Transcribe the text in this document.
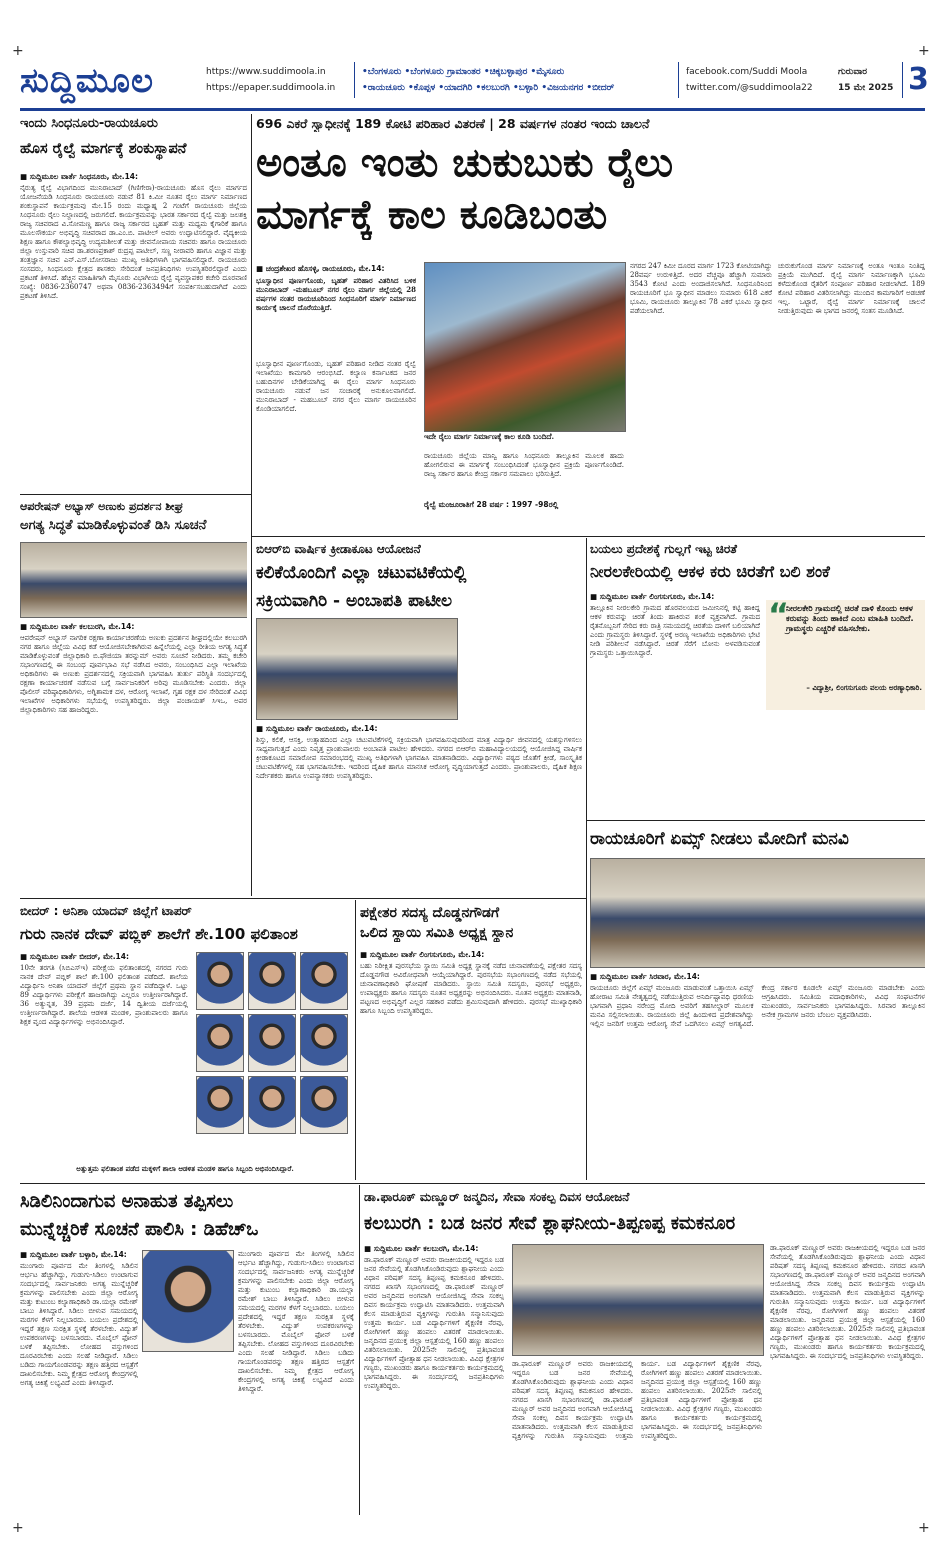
+	+
+	+
ಸುದ್ದಿಮೂಲ	https://www.suddimoola.in
https://epaper.suddimoola.in
•ಬೆಂಗಳೂರು •ಬೆಂಗಳೂರು ಗ್ರಾಮಾಂತರ •ಚಿಕ್ಕಬಳ್ಳಾಪುರ •ಮೈಸೂರು
•ರಾಯಚೂರು •ಕೊಪ್ಪಳ •ಯಾದಗಿರಿ •ಕಲಬುರಗಿ •ಬಳ್ಳಾರಿ •ವಿಜಯನಗರ •ಬೀದರ್
facebook.com/Suddi Moola
twitter.com/@suddimoola22
ಗುರುವಾರ
15 ಮೇ 2025 3
ಇಂದು ಸಿಂಧನೂರು-ರಾಯಚೂರು
ಹೊಸ ರೈಲ್ವೆ ಮಾರ್ಗಕ್ಕೆ ಶಂಕುಸ್ಥಾಪನೆ
■ ಸುದ್ದಿಮೂಲ ವಾರ್ತೆ ಸಿಂಧನೂರು, ಮೇ.14:
ನೈರುತ್ಯ ರೈಲ್ವೆ ವಿಭಾಗದಿಂದ ಮುನಿರಾಬಾದ್ (ಗಿಣಿಗೇರಾ)-ರಾಯಚೂರು ಹೊಸ ರೈಲು ಮಾರ್ಗದ ಯೋಜನೆಯಡಿ ಸಿಂಧನೂರು ರಾಯಚೂರು ನಡುವೆ 81 ಕಿ.ಮೀ ನೂತನ ರೈಲು ಮಾರ್ಗ ನಿರ್ಮಾಣದ ಶಂಕುಸ್ಥಾಪನೆ ಕಾರ್ಯಕ್ರಮವು ಮೇ.15 ರಂದು ಮಧ್ಯಾಹ್ನ 2 ಗಂಟೆಗೆ ರಾಯಚೂರು ಜಿಲ್ಲೆಯ ಸಿಂಧನೂರು ರೈಲು ನಿಲ್ದಾಣದಲ್ಲಿ ಜರುಗಲಿದೆ. ಕಾರ್ಯಕ್ರಮವನ್ನು ಭಾರತ ಸರ್ಕಾರದ ರೈಲ್ವೆ ಮತ್ತು ಜಲಶಕ್ತಿ ರಾಜ್ಯ ಸಚಿವರಾದ ವಿ.ಸೋಮಣ್ಣ ಹಾಗೂ ರಾಜ್ಯ ಸರ್ಕಾರದ ಬೃಹತ್ ಮತ್ತು ಮಧ್ಯಮ ಕೈಗಾರಿಕೆ ಹಾಗೂ ಮೂಲಸೌಕರ್ಯ ಅಭಿವೃದ್ಧಿ ಸಚಿವರಾದ ಡಾ.ಎಂ.ಬಿ. ಪಾಟೀಲ್ ಅವರು ಉದ್ಘಾಟಿಸಲಿದ್ದಾರೆ. ವೈದ್ಯಕೀಯ ಶಿಕ್ಷಣ ಹಾಗೂ ಕೌಶಲ್ಯಾಭಿವೃದ್ಧಿ ಉದ್ಯಮಶೀಲತೆ ಮತ್ತು ಜೀವನೋಪಾಯ ಸಚಿವರು ಹಾಗೂ ರಾಯಚೂರು ಜಿಲ್ಲಾ ಉಸ್ತುವಾರಿ ಸಚಿವ ಡಾ.ಶರಣಪ್ರಕಾಶ್ ರುದ್ರಪ್ಪ ಪಾಟೀಲ್, ಸಣ್ಣ ನೀರಾವರಿ ಹಾಗೂ ವಿಜ್ಞಾನ ಮತ್ತು ತಂತ್ರಜ್ಞಾನ ಸಚಿವ ಎನ್.ಎಸ್.ಬೋಸರಾಜು ಮುಖ್ಯ ಅತಿಥಿಗಳಾಗಿ ಭಾಗವಹಿಸಲಿದ್ದಾರೆ. ರಾಯಚೂರು ಸಂಸದರು, ಸಿಂಧನೂರು ಕ್ಷೇತ್ರದ ಶಾಸಕರು ಸೇರಿದಂತೆ ಜನಪ್ರತಿನಿಧಿಗಳು ಉಪಸ್ಥಿತರಿರಲಿದ್ದಾರೆ ಎಂದು ಪ್ರಕಟಣೆ ತಿಳಿಸಿದೆ. ಹೆಚ್ಚಿನ ಮಾಹಿತಿಗಾಗಿ ಮೈಸೂರು ವಿಭಾಗೀಯ ರೈಲ್ವೆ ವ್ಯವಸ್ಥಾಪಕರ ಕಚೇರಿ ದೂರವಾಣಿ ಸಂಖ್ಯೆ: 0836-2360747 ಅಥವಾ 0836-2363494ಗೆ ಸಂಪರ್ಕಿಸಬಹುದಾಗಿದೆ ಎಂದು ಪ್ರಕಟಣೆ ತಿಳಿಸಿದೆ.
696 ಎಕರೆ ಸ್ವಾಧೀನಕ್ಕೆ 189 ಕೋಟಿ ಪರಿಹಾರ ವಿತರಣೆ | 28 ವರ್ಷಗಳ ನಂತರ ಇಂದು ಚಾಲನೆ
ಅಂತೂ ಇಂತು ಚುಕುಬುಕು ರೈಲು
ಮಾರ್ಗಕ್ಕೆ ಕಾಲ ಕೂಡಿಬಂತು
■ ಚಂದ್ರಶೇಖರ ಹೊಸಳ್ಳಿ, ರಾಯಚೂರು, ಮೇ.14:
ಭೂಸ್ವಾಧೀನ ಪೂರ್ಣಗೊಂಡು, ಬೃಹತ್ ಪರಿಹಾರ ವಿತರಿಸಿದ ಬಳಿಕ ಮುನಿರಾಬಾದ್ -ಮಹಬೂಬ್ ನಗರ ರೈಲು ಮಾರ್ಗ ಜಿಲ್ಲೆಯಲ್ಲಿ 28 ವರ್ಷಗಳ ನಂತರ ರಾಯಚೂರಿನಿಂದ ಸಿಂಧನೂರಿಗೆ ಮಾರ್ಗ ನಿರ್ಮಾಣದ ಕಾರ್ಯಕ್ಕೆ ಚಾಲನೆ ದೊರೆಯುತ್ತಿದೆ.
ಭೂಸ್ವಾಧೀನ ಪೂರ್ಣಗೊಂಡು, ಬೃಹತ್ ಪರಿಹಾರ ನೀಡಿದ ನಂತರ ರೈಲ್ವೆ ಇಲಾಖೆಯು ಕಾಮಗಾರಿ ಆರಂಭಿಸಿದೆ. ಕಲ್ಯಾಣ ಕರ್ನಾಟಕದ ಜನರ ಬಹುದಿನಗಳ ಬೇಡಿಕೆಯಾಗಿದ್ದ ಈ ರೈಲು ಮಾರ್ಗ ಸಿಂಧನೂರು ರಾಯಚೂರು ನಡುವೆ ಜನ ಸಂಚಾರಕ್ಕೆ ಅನುಕೂಲವಾಗಲಿದೆ. ಮುನಿರಾಬಾದ್ - ಮಹಬೂಬ್ ನಗರ ರೈಲು ಮಾರ್ಗ ರಾಯಚೂರಿನ ಕೊಂಡಿಯಾಗಲಿದೆ.
ಇದೇ ರೈಲು ಮಾರ್ಗ ನಿರ್ಮಾಣಕ್ಕೆ ಕಾಲ ಕೂಡಿ ಬಂದಿದೆ.
ರಾಯಚೂರು ಜಿಲ್ಲೆಯ ಮಾನ್ವಿ ಹಾಗೂ ಸಿಂಧನೂರು ತಾಲ್ಲೂಕಿನ ಮೂಲಕ ಹಾದು ಹೋಗಲಿರುವ ಈ ಮಾರ್ಗಕ್ಕೆ ಸಂಬಂಧಿಸಿದಂತೆ ಭೂಸ್ವಾಧೀನ ಪ್ರಕ್ರಿಯೆ ಪೂರ್ಣಗೊಂಡಿದೆ. ರಾಜ್ಯ ಸರ್ಕಾರ ಹಾಗೂ ಕೇಂದ್ರ ಸರ್ಕಾರ ಸಮಪಾಲು ಭರಿಸುತ್ತಿದೆ.
ರೈಲ್ವೆ ಮಂಜೂರಾತಿಗೆ 28 ವರ್ಷ : 1997 -98ರಲ್ಲಿ
ನಗರದ 247 ಕಿಮೀ ದೂರದ ಮಾರ್ಗ 1723 ಕೋಟಿಯಾಗಿದ್ದು 28ವರ್ಷ ಉರುಳಿತ್ತಿದೆ. ಅದರ ವೆಚ್ಚವೂ ಹೆಚ್ಚಾಗಿ ಸುಮಾರು 3543 ಕೋಟಿ ಎಂದು ಅಂದಾಜಿಸಲಾಗಿದೆ. ಸಿಂಧನೂರಿನಿಂದ ರಾಯಚೂರಿಗೆ ಭೂ ಸ್ವಾಧೀನ ಮಾಡಲು ಸುಮಾರು 618 ಎಕರೆ ಭೂಮಿ, ರಾಯಚೂರು ತಾಲ್ಲೂಕಿನ 78 ಎಕರೆ ಭೂಮಿ ಸ್ವಾಧೀನ ಪಡೆಯಲಾಗಿದೆ.
ಚುರುಕುಗೊಂಡ ಮಾರ್ಗ ನಿರ್ಮಾಣಕ್ಕೆ ಅಂತೂ ಇಂತೂ ನಿಂತಿದ್ದ ಪ್ರಕ್ರಿಯೆ ಮುಗಿದಿದೆ. ರೈಲ್ವೆ ಮಾರ್ಗ ನಿರ್ಮಾಣಕ್ಕಾಗಿ ಭೂಮಿ ಕಳೆದುಕೊಂಡ ರೈತರಿಗೆ ಸಂಪೂರ್ಣ ಪರಿಹಾರ ನೀಡಲಾಗಿದೆ. 189 ಕೋಟಿ ಪರಿಹಾರ ವಿತರಿಸಲಾಗಿದ್ದು ಮುಂದಿನ ಕಾಮಗಾರಿಗೆ ಅಡಚಣೆ ಇಲ್ಲ. ಒಟ್ಟಾರೆ, ರೈಲ್ವೆ ಮಾರ್ಗ ನಿರ್ಮಾಣಕ್ಕೆ ಚಾಲನೆ ನೀಡುತ್ತಿರುವುದು ಈ ಭಾಗದ ಜನರಲ್ಲಿ ಸಂತಸ ಮೂಡಿಸಿದೆ.
ಆಪರೇಷನ್ ಅಭ್ಯಾಸ್ ಅಣುಕು ಪ್ರದರ್ಶನ ಶೀಘ್ರ
ಅಗತ್ಯ ಸಿದ್ಧತೆ ಮಾಡಿಕೊಳ್ಳುವಂತೆ ಡಿಸಿ ಸೂಚನೆ
■ ಸುದ್ದಿಮೂಲ ವಾರ್ತೆ ಕಲಬುರಗಿ, ಮೇ.14:
ಆಪರೇಷನ್ ಅಭ್ಯಾಸ್ ನಾಗರಿಕ ರಕ್ಷಣಾ ಕಾರ್ಯಾಚರಣೆಯ ಅಣುಕು ಪ್ರದರ್ಶನ ಶೀಘ್ರದಲ್ಲಿಯೇ ಕಲಬುರಗಿ ನಗರ ಹಾಗೂ ಜಿಲ್ಲೆಯ ವಿವಿಧ ಕಡೆ ಆಯೋಜಿಸಬೇಕಾಗಿರುವ ಹಿನ್ನೆಲೆಯಲ್ಲಿ ಎಲ್ಲಾ ರೀತಿಯ ಅಗತ್ಯ ಸಿದ್ಧತೆ ಮಾಡಿಕೊಳ್ಳುವಂತೆ ಜಿಲ್ಲಾಧಿಕಾರಿ ಬಿ.ಫೌಜಿಯಾ ತರನ್ನುಮ್ ಅವರು ಸೂಚನೆ ನೀಡಿದರು. ತಮ್ಮ ಕಚೇರಿ ಸಭಾಂಗಣದಲ್ಲಿ ಈ ಸಂಬಂಧ ಪೂರ್ವಭಾವಿ ಸಭೆ ನಡೆಸಿದ ಅವರು, ಸಂಬಂಧಿಸಿದ ಎಲ್ಲಾ ಇಲಾಖೆಯ ಅಧಿಕಾರಿಗಳು ಈ ಅಣುಕು ಪ್ರದರ್ಶನದಲ್ಲಿ ಸಕ್ರಿಯವಾಗಿ ಭಾಗವಹಿಸಿ ತುರ್ತು ಪರಿಸ್ಥಿತಿ ಸಂದರ್ಭದಲ್ಲಿ ರಕ್ಷಣಾ ಕಾರ್ಯಾಚರಣೆ ನಡೆಸುವ ಬಗ್ಗೆ ಸಾರ್ವಜನಿಕರಿಗೆ ಅರಿವು ಮೂಡಿಸಬೇಕು ಎಂದರು. ಜಿಲ್ಲಾ ಪೊಲೀಸ್ ವರಿಷ್ಠಾಧಿಕಾರಿಗಳು, ಅಗ್ನಿಶಾಮಕ ದಳ, ಆರೋಗ್ಯ ಇಲಾಖೆ, ಗೃಹ ರಕ್ಷಕ ದಳ ಸೇರಿದಂತೆ ವಿವಿಧ ಇಲಾಖೆಗಳ ಅಧಿಕಾರಿಗಳು ಸಭೆಯಲ್ಲಿ ಉಪಸ್ಥಿತರಿದ್ದರು. ಜಿಲ್ಲಾ ಪಂಚಾಯತ್ ಸಿಇಒ, ಅಪರ ಜಿಲ್ಲಾಧಿಕಾರಿಗಳು ಸಹ ಹಾಜರಿದ್ದರು.
ಬಿಆರ್‌ಬಿ ವಾರ್ಷಿಕ ಕ್ರೀಡಾಕೂಟ ಆಯೋಜನೆ
ಕಲಿಕೆಯೊಂದಿಗೆ ಎಲ್ಲಾ ಚಟುವಟಿಕೆಯಲ್ಲಿ
ಸಕ್ರಿಯವಾಗಿರಿ - ಅಂಬಾಪತಿ ಪಾಟೀಲ
■ ಸುದ್ದಿಮೂಲ ವಾರ್ತೆ ರಾಯಚೂರು, ಮೇ.14:
ಶಿಸ್ತು, ಕಲಿಕೆ, ಆಸಕ್ತಿ, ಉತ್ಸಾಹದಿಂದ ಎಲ್ಲಾ ಚಟುವಟಿಕೆಗಳಲ್ಲಿ ಸಕ್ರಿಯವಾಗಿ ಭಾಗವಹಿಸುವುದರಿಂದ ಮಾತ್ರ ವಿದ್ಯಾರ್ಥಿ ಜೀವನದಲ್ಲಿ ಯಶಸ್ಸುಗಳಿಸಲು ಸಾಧ್ಯವಾಗುತ್ತದೆ ಎಂದು ನಿವೃತ್ತ ಪ್ರಾಂಶುಪಾಲರು ಅಂಬಾಪತಿ ಪಾಟೀಲ ಹೇಳಿದರು. ನಗರದ ಬಿಆರ್‌ಬಿ ಮಹಾವಿದ್ಯಾಲಯದಲ್ಲಿ ಆಯೋಜಿಸಿದ್ದ ವಾರ್ಷಿಕ ಕ್ರೀಡಾಕೂಟದ ಸಮಾರೋಪ ಸಮಾರಂಭದಲ್ಲಿ ಮುಖ್ಯ ಅತಿಥಿಗಳಾಗಿ ಭಾಗವಹಿಸಿ ಮಾತನಾಡಿದರು. ವಿದ್ಯಾರ್ಥಿಗಳು ಪಠ್ಯದ ಜೊತೆಗೆ ಕ್ರೀಡೆ, ಸಾಂಸ್ಕೃತಿಕ ಚಟುವಟಿಕೆಗಳಲ್ಲಿ ಸಹ ಭಾಗವಹಿಸಬೇಕು. ಇದರಿಂದ ದೈಹಿಕ ಹಾಗೂ ಮಾನಸಿಕ ಆರೋಗ್ಯ ವೃದ್ಧಿಯಾಗುತ್ತದೆ ಎಂದರು. ಪ್ರಾಂಶುಪಾಲರು, ದೈಹಿಕ ಶಿಕ್ಷಣ ನಿರ್ದೇಶಕರು ಹಾಗೂ ಉಪನ್ಯಾಸಕರು ಉಪಸ್ಥಿತರಿದ್ದರು.
ಬಯಲು ಪ್ರದೇಶಕ್ಕೆ ಗುಲ್ಲಗೆ ಇಟ್ಟ ಚಿರತೆ
ನೀರಲಕೇರಿಯಲ್ಲಿ ಆಕಳ ಕರು ಚಿರತೆಗೆ ಬಲಿ ಶಂಕೆ
■ ಸುದ್ದಿಮೂಲ ವಾರ್ತೆ ಲಿಂಗಸುಗೂರು, ಮೇ.14:
ತಾಲ್ಲೂಕಿನ ನೀರಲಕೇರಿ ಗ್ರಾಮದ ಹೊರವಲಯದ ಜಮೀನಿನಲ್ಲಿ ಕಟ್ಟಿ ಹಾಕಿದ್ದ ಆಕಳ ಕರುವನ್ನು ಚಿರತೆ ತಿಂದು ಹಾಕಿರುವ ಶಂಕೆ ವ್ಯಕ್ತವಾಗಿದೆ. ಗ್ರಾಮದ ರೈತನೊಬ್ಬನಿಗೆ ಸೇರಿದ ಕರು ರಾತ್ರಿ ಸಮಯದಲ್ಲಿ ಚಿರತೆಯ ದಾಳಿಗೆ ಬಲಿಯಾಗಿದೆ ಎಂದು ಗ್ರಾಮಸ್ಥರು ತಿಳಿಸಿದ್ದಾರೆ. ಸ್ಥಳಕ್ಕೆ ಅರಣ್ಯ ಇಲಾಖೆಯ ಅಧಿಕಾರಿಗಳು ಭೇಟಿ ನೀಡಿ ಪರಿಶೀಲನೆ ನಡೆಸಿದ್ದಾರೆ. ಚಿರತೆ ಸೆರೆಗೆ ಬೋನು ಅಳವಡಿಸುವಂತೆ ಗ್ರಾಮಸ್ಥರು ಒತ್ತಾಯಿಸಿದ್ದಾರೆ.
“
ನೀರಲಕೇರಿ ಗ್ರಾಮದಲ್ಲಿ ಚಿರತೆ ದಾಳಿ ಕೊಂದು ಆಕಳ ಕರುವನ್ನು ತಿಂದು ಹಾಕಿದೆ ಎಂಬ ಮಾಹಿತಿ ಬಂದಿದೆ. ಗ್ರಾಮಸ್ಥರು ಎಚ್ಚರಿಕೆ ವಹಿಸಬೇಕು.
– ವಿದ್ಯಾಶ್ರೀ, ಲಿಂಗಸುಗೂರು ವಲಯ ಅರಣ್ಯಾಧಿಕಾರಿ.
ರಾಯಚೂರಿಗೆ ಏಮ್ಸ್ ನೀಡಲು ಮೋದಿಗೆ ಮನವಿ
■ ಸುದ್ದಿಮೂಲ ವಾರ್ತೆ ಸಿರವಾರ, ಮೇ.14:
ರಾಯಚೂರು ಜಿಲ್ಲೆಗೆ ಏಮ್ಸ್ ಮಂಜೂರು ಮಾಡುವಂತೆ ಒತ್ತಾಯಿಸಿ ಏಮ್ಸ್ ಹೋರಾಟ ಸಮಿತಿ ನೇತೃತ್ವದಲ್ಲಿ ನಡೆಯುತ್ತಿರುವ ಅನಿರ್ದಿಷ್ಟಾವಧಿ ಧರಣಿಯ ಭಾಗವಾಗಿ ಪ್ರಧಾನಿ ನರೇಂದ್ರ ಮೋದಿ ಅವರಿಗೆ ತಹಸೀಲ್ದಾರ್ ಮೂಲಕ ಮನವಿ ಸಲ್ಲಿಸಲಾಯಿತು. ರಾಯಚೂರು ಜಿಲ್ಲೆ ಹಿಂದುಳಿದ ಪ್ರದೇಶವಾಗಿದ್ದು ಇಲ್ಲಿನ ಜನರಿಗೆ ಉತ್ತಮ ಆರೋಗ್ಯ ಸೇವೆ ಒದಗಿಸಲು ಏಮ್ಸ್ ಅಗತ್ಯವಿದೆ. ಕೇಂದ್ರ ಸರ್ಕಾರ ಕೂಡಲೇ ಏಮ್ಸ್ ಮಂಜೂರು ಮಾಡಬೇಕು ಎಂದು ಆಗ್ರಹಿಸಿದರು. ಸಮಿತಿಯ ಪದಾಧಿಕಾರಿಗಳು, ವಿವಿಧ ಸಂಘಟನೆಗಳ ಮುಖಂಡರು, ಸಾರ್ವಜನಿಕರು ಭಾಗವಹಿಸಿದ್ದರು. ಸಿರವಾರ ತಾಲ್ಲೂಕಿನ ಅನೇಕ ಗ್ರಾಮಗಳ ಜನರು ಬೆಂಬಲ ವ್ಯಕ್ತಪಡಿಸಿದರು.
ಬೀದರ್ : ಅನಿಶಾ ಯಾದವ್ ಜಿಲ್ಲೆಗೆ ಟಾಪರ್
ಗುರು ನಾನಕ ದೇವ್ ಪಬ್ಲಿಕ್ ಶಾಲೆಗೆ ಶೇ.100 ಫಲಿತಾಂಶ
■ ಸುದ್ದಿಮೂಲ ವಾರ್ತೆ ಬೀದರ್, ಮೇ.14:
10ನೇ ತರಗತಿ (ಸಿಬಿಎಸ್‌ಇ) ಪರೀಕ್ಷೆಯ ಫಲಿತಾಂಶದಲ್ಲಿ ನಗರದ ಗುರು ನಾನಕ ದೇವ್ ಪಬ್ಲಿಕ್ ಶಾಲೆ ಶೇ.100 ಫಲಿತಾಂಶ ಪಡೆದಿದೆ. ಶಾಲೆಯ ವಿದ್ಯಾರ್ಥಿನಿ ಅನಿಶಾ ಯಾದವ್ ಜಿಲ್ಲೆಗೆ ಪ್ರಥಮ ಸ್ಥಾನ ಪಡೆದಿದ್ದಾಳೆ. ಒಟ್ಟು 89 ವಿದ್ಯಾರ್ಥಿಗಳು ಪರೀಕ್ಷೆಗೆ ಹಾಜರಾಗಿದ್ದು ಎಲ್ಲರೂ ಉತ್ತೀರ್ಣರಾಗಿದ್ದಾರೆ. 36 ಅತ್ಯುನ್ನತ, 39 ಪ್ರಥಮ ದರ್ಜೆ, 14 ದ್ವಿತೀಯ ದರ್ಜೆಯಲ್ಲಿ ಉತ್ತೀರ್ಣರಾಗಿದ್ದಾರೆ. ಶಾಲೆಯ ಆಡಳಿತ ಮಂಡಳಿ, ಪ್ರಾಂಶುಪಾಲರು ಹಾಗೂ ಶಿಕ್ಷಕ ವೃಂದ ವಿದ್ಯಾರ್ಥಿಗಳನ್ನು ಅಭಿನಂದಿಸಿದ್ದಾರೆ.
ಅತ್ಯುತ್ತಮ ಫಲಿತಾಂಶ ಪಡೆದ ಮಕ್ಕಳಿಗೆ ಶಾಲಾ ಆಡಳಿತ ಮಂಡಳಿ ಹಾಗೂ ಸಿಬ್ಬಂದಿ ಅಭಿನಂದಿಸಿದ್ದಾರೆ.
ಪಕ್ಷೇತರ ಸದಸ್ಯ ದೊಡ್ಡನಗೌಡಗೆ
ಒಲಿದ ಸ್ಥಾಯಿ ಸಮಿತಿ ಅಧ್ಯಕ್ಷ ಸ್ಥಾನ
■ ಸುದ್ದಿಮೂಲ ವಾರ್ತೆ ಲಿಂಗಸುಗೂರು, ಮೇ.14:
ಬಹು ನಿರೀಕ್ಷಿತ ಪುರಸಭೆಯ ಸ್ಥಾಯಿ ಸಮಿತಿ ಅಧ್ಯಕ್ಷ ಸ್ಥಾನಕ್ಕೆ ನಡೆದ ಚುನಾವಣೆಯಲ್ಲಿ ಪಕ್ಷೇತರ ಸದಸ್ಯ ದೊಡ್ಡನಗೌಡ ಅವಿರೋಧವಾಗಿ ಆಯ್ಕೆಯಾಗಿದ್ದಾರೆ. ಪುರಸಭೆಯ ಸಭಾಂಗಣದಲ್ಲಿ ನಡೆದ ಸಭೆಯಲ್ಲಿ ಚುನಾವಣಾಧಿಕಾರಿ ಘೋಷಣೆ ಮಾಡಿದರು. ಸ್ಥಾಯಿ ಸಮಿತಿ ಸದಸ್ಯರು, ಪುರಸಭೆ ಅಧ್ಯಕ್ಷರು, ಉಪಾಧ್ಯಕ್ಷರು ಹಾಗೂ ಸದಸ್ಯರು ನೂತನ ಅಧ್ಯಕ್ಷರನ್ನು ಅಭಿನಂದಿಸಿದರು. ನೂತನ ಅಧ್ಯಕ್ಷರು ಮಾತನಾಡಿ, ಪಟ್ಟಣದ ಅಭಿವೃದ್ಧಿಗೆ ಎಲ್ಲರ ಸಹಕಾರ ಪಡೆದು ಶ್ರಮಿಸುವುದಾಗಿ ಹೇಳಿದರು. ಪುರಸಭೆ ಮುಖ್ಯಾಧಿಕಾರಿ ಹಾಗೂ ಸಿಬ್ಬಂದಿ ಉಪಸ್ಥಿತರಿದ್ದರು.
ಸಿಡಿಲಿನಿಂದಾಗುವ ಅನಾಹುತ ತಪ್ಪಿಸಲು
ಮುನ್ನೆಚ್ಚರಿಕೆ ಸೂಚನೆ ಪಾಲಿಸಿ : ಡಿಹೆಚ್‌ಒ
■ ಸುದ್ದಿಮೂಲ ವಾರ್ತೆ ಬಳ್ಳಾರಿ, ಮೇ.14:
ಮುಂಗಾರು ಪೂರ್ವದ ಮೇ ತಿಂಗಳಲ್ಲಿ ಸಿಡಿಲಿನ ಆರ್ಭಟ ಹೆಚ್ಚಾಗಿದ್ದು, ಗುಡುಗು-ಸಿಡಿಲು ಉಂಟಾಗುವ ಸಂದರ್ಭದಲ್ಲಿ ಸಾರ್ವಜನಿಕರು ಅಗತ್ಯ ಮುನ್ನೆಚ್ಚರಿಕೆ ಕ್ರಮಗಳನ್ನು ಪಾಲಿಸಬೇಕು ಎಂದು ಜಿಲ್ಲಾ ಆರೋಗ್ಯ ಮತ್ತು ಕುಟುಂಬ ಕಲ್ಯಾಣಾಧಿಕಾರಿ ಡಾ.ಯಲ್ಲಾ ರಮೇಶ್ ಬಾಬು ತಿಳಿಸಿದ್ದಾರೆ. ಸಿಡಿಲು ಬೀಳುವ ಸಮಯದಲ್ಲಿ ಮರಗಳ ಕೆಳಗೆ ನಿಲ್ಲಬಾರದು. ಬಯಲು ಪ್ರದೇಶದಲ್ಲಿ ಇದ್ದರೆ ತಕ್ಷಣ ಸುರಕ್ಷಿತ ಸ್ಥಳಕ್ಕೆ ತೆರಳಬೇಕು. ವಿದ್ಯುತ್ ಉಪಕರಣಗಳನ್ನು ಬಳಸಬಾರದು. ಮೊಬೈಲ್ ಫೋನ್ ಬಳಕೆ ತಪ್ಪಿಸಬೇಕು. ಲೋಹದ ವಸ್ತುಗಳಿಂದ ದೂರವಿರಬೇಕು ಎಂದು ಸಲಹೆ ನೀಡಿದ್ದಾರೆ. ಸಿಡಿಲು ಬಡಿದು ಗಾಯಗೊಂಡವರನ್ನು ತಕ್ಷಣ ಹತ್ತಿರದ ಆಸ್ಪತ್ರೆಗೆ ದಾಖಲಿಸಬೇಕು. ನಿಮ್ಮ ಕ್ಷೇತ್ರದ ಆರೋಗ್ಯ ಕೇಂದ್ರಗಳಲ್ಲಿ ಅಗತ್ಯ ಚಿಕಿತ್ಸೆ ಲಭ್ಯವಿದೆ ಎಂದು ತಿಳಿಸಿದ್ದಾರೆ.
ಮುಂಗಾರು ಪೂರ್ವದ ಮೇ ತಿಂಗಳಲ್ಲಿ ಸಿಡಿಲಿನ ಆರ್ಭಟ ಹೆಚ್ಚಾಗಿದ್ದು, ಗುಡುಗು-ಸಿಡಿಲು ಉಂಟಾಗುವ ಸಂದರ್ಭದಲ್ಲಿ ಸಾರ್ವಜನಿಕರು ಅಗತ್ಯ ಮುನ್ನೆಚ್ಚರಿಕೆ ಕ್ರಮಗಳನ್ನು ಪಾಲಿಸಬೇಕು ಎಂದು ಜಿಲ್ಲಾ ಆರೋಗ್ಯ ಮತ್ತು ಕುಟುಂಬ ಕಲ್ಯಾಣಾಧಿಕಾರಿ ಡಾ.ಯಲ್ಲಾ ರಮೇಶ್ ಬಾಬು ತಿಳಿಸಿದ್ದಾರೆ. ಸಿಡಿಲು ಬೀಳುವ ಸಮಯದಲ್ಲಿ ಮರಗಳ ಕೆಳಗೆ ನಿಲ್ಲಬಾರದು. ಬಯಲು ಪ್ರದೇಶದಲ್ಲಿ ಇದ್ದರೆ ತಕ್ಷಣ ಸುರಕ್ಷಿತ ಸ್ಥಳಕ್ಕೆ ತೆರಳಬೇಕು. ವಿದ್ಯುತ್ ಉಪಕರಣಗಳನ್ನು ಬಳಸಬಾರದು. ಮೊಬೈಲ್ ಫೋನ್ ಬಳಕೆ ತಪ್ಪಿಸಬೇಕು. ಲೋಹದ ವಸ್ತುಗಳಿಂದ ದೂರವಿರಬೇಕು ಎಂದು ಸಲಹೆ ನೀಡಿದ್ದಾರೆ. ಸಿಡಿಲು ಬಡಿದು ಗಾಯಗೊಂಡವರನ್ನು ತಕ್ಷಣ ಹತ್ತಿರದ ಆಸ್ಪತ್ರೆಗೆ ದಾಖಲಿಸಬೇಕು. ನಿಮ್ಮ ಕ್ಷೇತ್ರದ ಆರೋಗ್ಯ ಕೇಂದ್ರಗಳಲ್ಲಿ ಅಗತ್ಯ ಚಿಕಿತ್ಸೆ ಲಭ್ಯವಿದೆ ಎಂದು ತಿಳಿಸಿದ್ದಾರೆ.
ಡಾ.ಫಾರೂಕ್ ಮಣ್ಣೂರ್ ಜನ್ಮದಿನ, ಸೇವಾ ಸಂಕಲ್ಪ ದಿವಸ ಆಯೋಜನೆ
ಕಲಬುರಗಿ : ಬಡ ಜನರ ಸೇವೆ ಶ್ಲಾಘನೀಯ-ತಿಪ್ಪಣಪ್ಪ ಕಮಕನೂರ
■ ಸುದ್ದಿಮೂಲ ವಾರ್ತೆ ಕಲಬುರಗಿ, ಮೇ.14:
ಡಾ.ಫಾರೂಕ್ ಮಣ್ಣೂರ್ ಅವರು ರಾಜಕೀಯದಲ್ಲಿ ಇದ್ದರೂ ಬಡ ಜನರ ಸೇವೆಯಲ್ಲಿ ತೊಡಗಿಸಿಕೊಂಡಿರುವುದು ಶ್ಲಾಘನೀಯ ಎಂದು ವಿಧಾನ ಪರಿಷತ್ ಸದಸ್ಯ ತಿಪ್ಪಣಪ್ಪ ಕಮಕನೂರ ಹೇಳಿದರು. ನಗರದ ಖಾಸಗಿ ಸಭಾಂಗಣದಲ್ಲಿ ಡಾ.ಫಾರೂಕ್ ಮಣ್ಣೂರ್ ಅವರ ಜನ್ಮದಿನದ ಅಂಗವಾಗಿ ಆಯೋಜಿಸಿದ್ದ ಸೇವಾ ಸಂಕಲ್ಪ ದಿವಸ ಕಾರ್ಯಕ್ರಮ ಉದ್ಘಾಟಿಸಿ ಮಾತನಾಡಿದರು. ಉತ್ತಮವಾಗಿ ಕೆಲಸ ಮಾಡುತ್ತಿರುವ ವ್ಯಕ್ತಿಗಳನ್ನು ಗುರುತಿಸಿ ಸನ್ಮಾನಿಸುವುದು ಉತ್ತಮ ಕಾರ್ಯ. ಬಡ ವಿದ್ಯಾರ್ಥಿಗಳಿಗೆ ಶೈಕ್ಷಣಿಕ ನೆರವು, ರೋಗಿಗಳಿಗೆ ಹಣ್ಣು ಹಂಪಲು ವಿತರಣೆ ಮಾಡಲಾಯಿತು. ಜನ್ಮದಿನದ ಪ್ರಯುಕ್ತ ಜಿಲ್ಲಾ ಆಸ್ಪತ್ರೆಯಲ್ಲಿ 160 ಹಣ್ಣು ಹಂಪಲು ವಿತರಿಸಲಾಯಿತು. 2025ನೇ ಸಾಲಿನಲ್ಲಿ ಪ್ರತಿಭಾವಂತ ವಿದ್ಯಾರ್ಥಿಗಳಿಗೆ ಪ್ರೋತ್ಸಾಹ ಧನ ನೀಡಲಾಯಿತು. ವಿವಿಧ ಕ್ಷೇತ್ರಗಳ ಗಣ್ಯರು, ಮುಖಂಡರು ಹಾಗೂ ಕಾರ್ಯಕರ್ತರು ಕಾರ್ಯಕ್ರಮದಲ್ಲಿ ಭಾಗವಹಿಸಿದ್ದರು. ಈ ಸಂದರ್ಭದಲ್ಲಿ ಜನಪ್ರತಿನಿಧಿಗಳು ಉಪಸ್ಥಿತರಿದ್ದರು.
ಡಾ.ಫಾರೂಕ್ ಮಣ್ಣೂರ್ ಅವರು ರಾಜಕೀಯದಲ್ಲಿ ಇದ್ದರೂ ಬಡ ಜನರ ಸೇವೆಯಲ್ಲಿ ತೊಡಗಿಸಿಕೊಂಡಿರುವುದು ಶ್ಲಾಘನೀಯ ಎಂದು ವಿಧಾನ ಪರಿಷತ್ ಸದಸ್ಯ ತಿಪ್ಪಣಪ್ಪ ಕಮಕನೂರ ಹೇಳಿದರು. ನಗರದ ಖಾಸಗಿ ಸಭಾಂಗಣದಲ್ಲಿ ಡಾ.ಫಾರೂಕ್ ಮಣ್ಣೂರ್ ಅವರ ಜನ್ಮದಿನದ ಅಂಗವಾಗಿ ಆಯೋಜಿಸಿದ್ದ ಸೇವಾ ಸಂಕಲ್ಪ ದಿವಸ ಕಾರ್ಯಕ್ರಮ ಉದ್ಘಾಟಿಸಿ ಮಾತನಾಡಿದರು. ಉತ್ತಮವಾಗಿ ಕೆಲಸ ಮಾಡುತ್ತಿರುವ ವ್ಯಕ್ತಿಗಳನ್ನು ಗುರುತಿಸಿ ಸನ್ಮಾನಿಸುವುದು ಉತ್ತಮ ಕಾರ್ಯ. ಬಡ ವಿದ್ಯಾರ್ಥಿಗಳಿಗೆ ಶೈಕ್ಷಣಿಕ ನೆರವು, ರೋಗಿಗಳಿಗೆ ಹಣ್ಣು ಹಂಪಲು ವಿತರಣೆ ಮಾಡಲಾಯಿತು. ಜನ್ಮದಿನದ ಪ್ರಯುಕ್ತ ಜಿಲ್ಲಾ ಆಸ್ಪತ್ರೆಯಲ್ಲಿ 160 ಹಣ್ಣು ಹಂಪಲು ವಿತರಿಸಲಾಯಿತು. 2025ನೇ ಸಾಲಿನಲ್ಲಿ ಪ್ರತಿಭಾವಂತ ವಿದ್ಯಾರ್ಥಿಗಳಿಗೆ ಪ್ರೋತ್ಸಾಹ ಧನ ನೀಡಲಾಯಿತು. ವಿವಿಧ ಕ್ಷೇತ್ರಗಳ ಗಣ್ಯರು, ಮುಖಂಡರು ಹಾಗೂ ಕಾರ್ಯಕರ್ತರು ಕಾರ್ಯಕ್ರಮದಲ್ಲಿ ಭಾಗವಹಿಸಿದ್ದರು. ಈ ಸಂದರ್ಭದಲ್ಲಿ ಜನಪ್ರತಿನಿಧಿಗಳು ಉಪಸ್ಥಿತರಿದ್ದರು.
ಡಾ.ಫಾರೂಕ್ ಮಣ್ಣೂರ್ ಅವರು ರಾಜಕೀಯದಲ್ಲಿ ಇದ್ದರೂ ಬಡ ಜನರ ಸೇವೆಯಲ್ಲಿ ತೊಡಗಿಸಿಕೊಂಡಿರುವುದು ಶ್ಲಾಘನೀಯ ಎಂದು ವಿಧಾನ ಪರಿಷತ್ ಸದಸ್ಯ ತಿಪ್ಪಣಪ್ಪ ಕಮಕನೂರ ಹೇಳಿದರು. ನಗರದ ಖಾಸಗಿ ಸಭಾಂಗಣದಲ್ಲಿ ಡಾ.ಫಾರೂಕ್ ಮಣ್ಣೂರ್ ಅವರ ಜನ್ಮದಿನದ ಅಂಗವಾಗಿ ಆಯೋಜಿಸಿದ್ದ ಸೇವಾ ಸಂಕಲ್ಪ ದಿವಸ ಕಾರ್ಯಕ್ರಮ ಉದ್ಘಾಟಿಸಿ ಮಾತನಾಡಿದರು. ಉತ್ತಮವಾಗಿ ಕೆಲಸ ಮಾಡುತ್ತಿರುವ ವ್ಯಕ್ತಿಗಳನ್ನು ಗುರುತಿಸಿ ಸನ್ಮಾನಿಸುವುದು ಉತ್ತಮ ಕಾರ್ಯ. ಬಡ ವಿದ್ಯಾರ್ಥಿಗಳಿಗೆ ಶೈಕ್ಷಣಿಕ ನೆರವು, ರೋಗಿಗಳಿಗೆ ಹಣ್ಣು ಹಂಪಲು ವಿತರಣೆ ಮಾಡಲಾಯಿತು. ಜನ್ಮದಿನದ ಪ್ರಯುಕ್ತ ಜಿಲ್ಲಾ ಆಸ್ಪತ್ರೆಯಲ್ಲಿ 160 ಹಣ್ಣು ಹಂಪಲು ವಿತರಿಸಲಾಯಿತು. 2025ನೇ ಸಾಲಿನಲ್ಲಿ ಪ್ರತಿಭಾವಂತ ವಿದ್ಯಾರ್ಥಿಗಳಿಗೆ ಪ್ರೋತ್ಸಾಹ ಧನ ನೀಡಲಾಯಿತು. ವಿವಿಧ ಕ್ಷೇತ್ರಗಳ ಗಣ್ಯರು, ಮುಖಂಡರು ಹಾಗೂ ಕಾರ್ಯಕರ್ತರು ಕಾರ್ಯಕ್ರಮದಲ್ಲಿ ಭಾಗವಹಿಸಿದ್ದರು. ಈ ಸಂದರ್ಭದಲ್ಲಿ ಜನಪ್ರತಿನಿಧಿಗಳು ಉಪಸ್ಥಿತರಿದ್ದರು.
